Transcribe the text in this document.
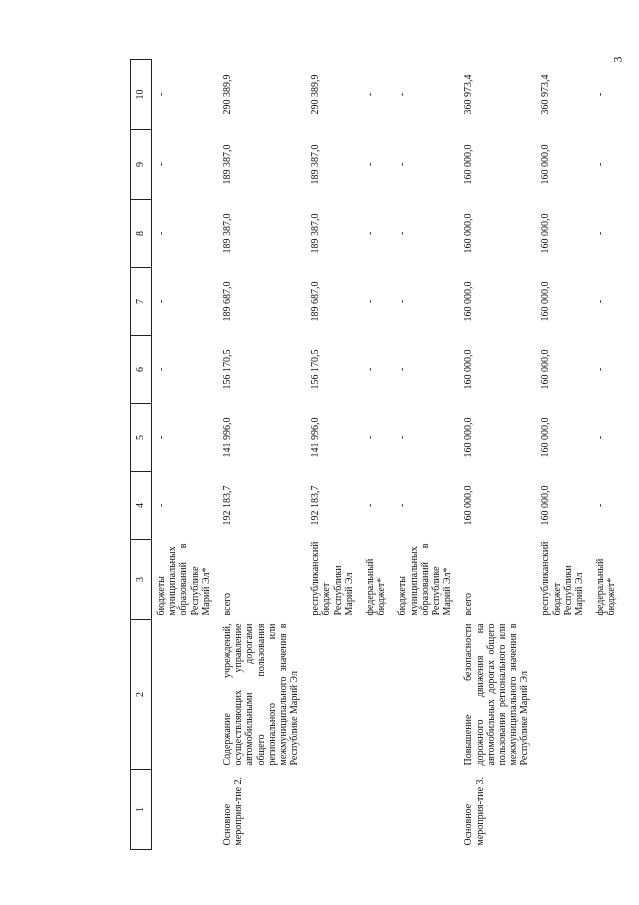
3
1	2	3	4	5	6	7	8	9	10
		бюджеты муниципальных образований в Республике Марий Эл*	-	-	-	-	-	-	-
Основное мероприя-тие 2.	Содержание учреждений, осуществляющих управление автомобильными дорогами общего пользования регионального или межмуниципального значения в Республике Марий Эл	всего	192 183,7	141 996,0	156 170,5	189 687,0	189 387,0	189 387,0	290 389,9
		республиканский бюджет Республики Марий Эл	192 183,7	141 996,0	156 170,5	189 687,0	189 387,0	189 387,0	290 389,9
		федеральный бюджет*	-	-	-	-	-	-	-
		бюджеты муниципальных образований в Республике Марий Эл*	-	-	-	-	-	-	-
Основное мероприя-тие 3.	Повышение безопасности дорожного движения на автомобильных дорогах общего пользования регионального или межмуниципального значения в Республике Марий Эл	всего	160 000,0	160 000,0	160 000,0	160 000,0	160 000,0	160 000,0	360 973,4
		республиканский бюджет Республики Марий Эл	160 000,0	160 000,0	160 000,0	160 000,0	160 000,0	160 000,0	360 973,4
		федеральный бюджет*	-	-	-	-	-	-	-
